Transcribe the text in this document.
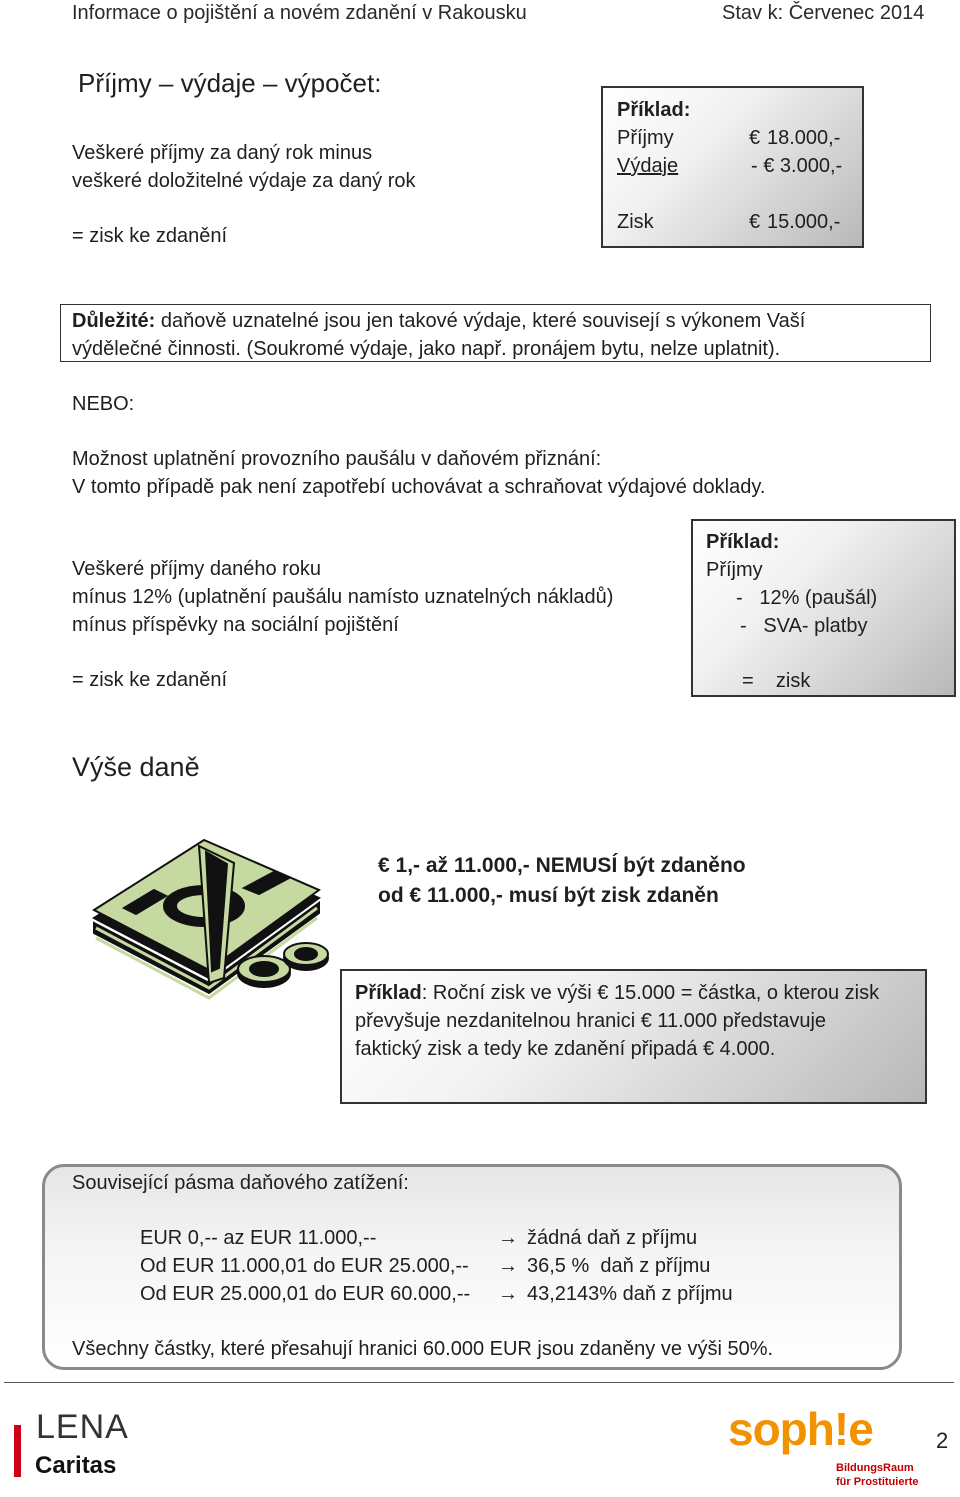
Informace o pojištění a novém zdanění v Rakousku	Stav k: Červenec 2014
Příjmy – výdaje – výpočet:
Veškeré příjmy za daný rok minus
veškeré doložitelné výdaje za daný rok
= zisk ke zdanění
Příklad:
Příjmy	€ 18.000,-
Výdaje	- € 3.000,-
Zisk	€ 15.000,-
Důležité: daňově uznatelné jsou jen takové výdaje, které souvisejí s výkonem Vaší
výdělečné činnosti. (Soukromé výdaje, jako např. pronájem bytu, nelze uplatnit).
NEBO:
Možnost uplatnění provozního paušálu v daňovém přiznání:
V tomto případě pak není zapotřebí uchovávat a schraňovat výdajové doklady.
Veškeré příjmy daného roku
mínus 12% (uplatnění paušálu namísto uznatelných nákladů)
mínus příspěvky na sociální pojištění
= zisk ke zdanění
Příklad:
Příjmy
-   12% (paušál)
-   SVA- platby
=    zisk
Výše daně
€ 1,- až 11.000,- NEMUSÍ být zdaněno
od € 11.000,- musí být zisk zdaněn
Příklad: Roční zisk ve výši € 15.000 = částka, o kterou zisk
převyšuje nezdanitelnou hranici € 11.000 představuje
faktický zisk a tedy ke zdanění připadá € 4.000.
Související pásma daňového zatížení:
EUR 0,-- az EUR 11.000,--	→ žádná daň z příjmu
Od EUR 11.000,01 do EUR 25.000,-- → 36,5 %  daň z příjmu
Od EUR 25.000,01 do EUR 60.000,-- → 43,2143% daň z příjmu
Všechny částky, které přesahují hranici 60.000 EUR jsou zdaněny ve výši 50%.
LENA
Caritas
soph!e
BildungsRaum
für Prostituierte
2
